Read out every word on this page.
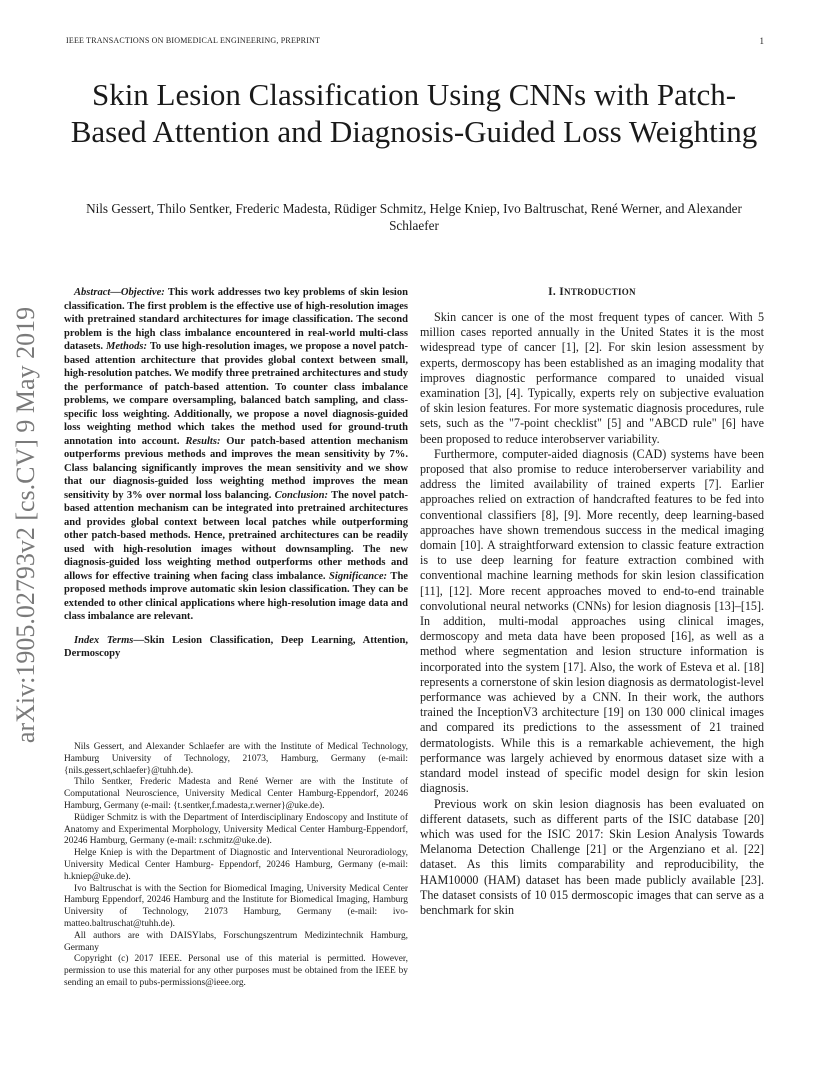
IEEE TRANSACTIONS ON BIOMEDICAL ENGINEERING, PREPRINT	1
arXiv:1905.02793v2 [cs.CV] 9 May 2019
Skin Lesion Classification Using CNNs with Patch-Based Attention and Diagnosis-Guided Loss Weighting

Nils Gessert, Thilo Sentker, Frederic Madesta, Rüdiger Schmitz, Helge Kniep, Ivo Baltruschat, René Werner, and Alexander Schlaefer

Abstract—Objective: This work addresses two key problems of skin lesion classification. The first problem is the effective use of high-resolution images with pretrained standard architectures for image classification. The second problem is the high class imbalance encountered in real-world multi-class datasets. Methods: To use high-resolution images, we propose a novel patch-based attention architecture that provides global context between small, high-resolution patches. We modify three pretrained architectures and study the performance of patch-based attention. To counter class imbalance problems, we compare oversampling, balanced batch sampling, and class-specific loss weighting. Additionally, we propose a novel diagnosis-guided loss weighting method which takes the method used for ground-truth annotation into account. Results: Our patch-based attention mechanism outperforms previous methods and improves the mean sensitivity by 7%. Class balancing significantly improves the mean sensitivity and we show that our diagnosis-guided loss weighting method improves the mean sensitivity by 3% over normal loss balancing. Conclusion: The novel patch-based attention mechanism can be integrated into pretrained architectures and provides global context between local patches while outperforming other patch-based methods. Hence, pretrained architectures can be readily used with high-resolution images without downsampling. The new diagnosis-guided loss weighting method outperforms other methods and allows for effective training when facing class imbalance. Significance: The proposed methods improve automatic skin lesion classification. They can be extended to other clinical applications where high-resolution image data and class imbalance are relevant.

Index Terms—Skin Lesion Classification, Deep Learning, Attention, Dermoscopy

Nils Gessert, and Alexander Schlaefer are with the Institute of Medical Technology, Hamburg University of Technology, 21073, Hamburg, Germany (e-mail: {nils.gessert,schlaefer}@tuhh.de).

Thilo Sentker, Frederic Madesta and René Werner are with the Institute of Computational Neuroscience, University Medical Center Hamburg-Eppendorf, 20246 Hamburg, Germany (e-mail: {t.sentker,f.madesta,r.werner}@uke.de).

Rüdiger Schmitz is with the Department of Interdisciplinary Endoscopy and Institute of Anatomy and Experimental Morphology, University Medical Center Hamburg-Eppendorf, 20246 Hamburg, Germany (e-mail: r.schmitz@uke.de).

Helge Kniep is with the Department of Diagnostic and Interventional Neuroradiology, University Medical Center Hamburg- Eppendorf, 20246 Hamburg, Germany (e-mail: h.kniep@uke.de).

Ivo Baltruschat is with the Section for Biomedical Imaging, University Medical Center Hamburg Eppendorf, 20246 Hamburg and the Institute for Biomedical Imaging, Hamburg University of Technology, 21073 Hamburg, Germany (e-mail: ivo-matteo.baltruschat@tuhh.de).

All authors are with DAISYlabs, Forschungszentrum Medizintechnik Hamburg, Germany

Copyright (c) 2017 IEEE. Personal use of this material is permitted. However, permission to use this material for any other purposes must be obtained from the IEEE by sending an email to pubs-permissions@ieee.org.

I. INTRODUCTION

Skin cancer is one of the most frequent types of cancer. With 5 million cases reported annually in the United States it is the most widespread type of cancer [1], [2]. For skin lesion assessment by experts, dermoscopy has been established as an imaging modality that improves diagnostic performance compared to unaided visual examination [3], [4]. Typically, experts rely on subjective evaluation of skin lesion features. For more systematic diagnosis procedures, rule sets, such as the "7-point checklist" [5] and "ABCD rule" [6] have been proposed to reduce interobserver variability.

Furthermore, computer-aided diagnosis (CAD) systems have been proposed that also promise to reduce interoberserver variability and address the limited availability of trained experts [7]. Earlier approaches relied on extraction of handcrafted features to be fed into conventional classifiers [8], [9]. More recently, deep learning-based approaches have shown tremendous success in the medical imaging domain [10]. A straightforward extension to classic feature extraction is to use deep learning for feature extraction combined with conventional machine learning methods for skin lesion classification [11], [12]. More recent approaches moved to end-to-end trainable convolutional neural networks (CNNs) for lesion diagnosis [13]–[15]. In addition, multi-modal approaches using clinical images, dermoscopy and meta data have been proposed [16], as well as a method where segmentation and lesion structure information is incorporated into the system [17]. Also, the work of Esteva et al. [18] represents a cornerstone of skin lesion diagnosis as dermatologist-level performance was achieved by a CNN. In their work, the authors trained the InceptionV3 architecture [19] on 130 000 clinical images and compared its predictions to the assessment of 21 trained dermatologists. While this is a remarkable achievement, the high performance was largely achieved by enormous dataset size with a standard model instead of specific model design for skin lesion diagnosis.

Previous work on skin lesion diagnosis has been evaluated on different datasets, such as different parts of the ISIC database [20] which was used for the ISIC 2017: Skin Lesion Analysis Towards Melanoma Detection Challenge [21] or the Argenziano et al. [22] dataset. As this limits comparability and reproducibility, the HAM10000 (HAM) dataset has been made publicly available [23]. The dataset consists of 10 015 dermoscopic images that can serve as a benchmark for skin
